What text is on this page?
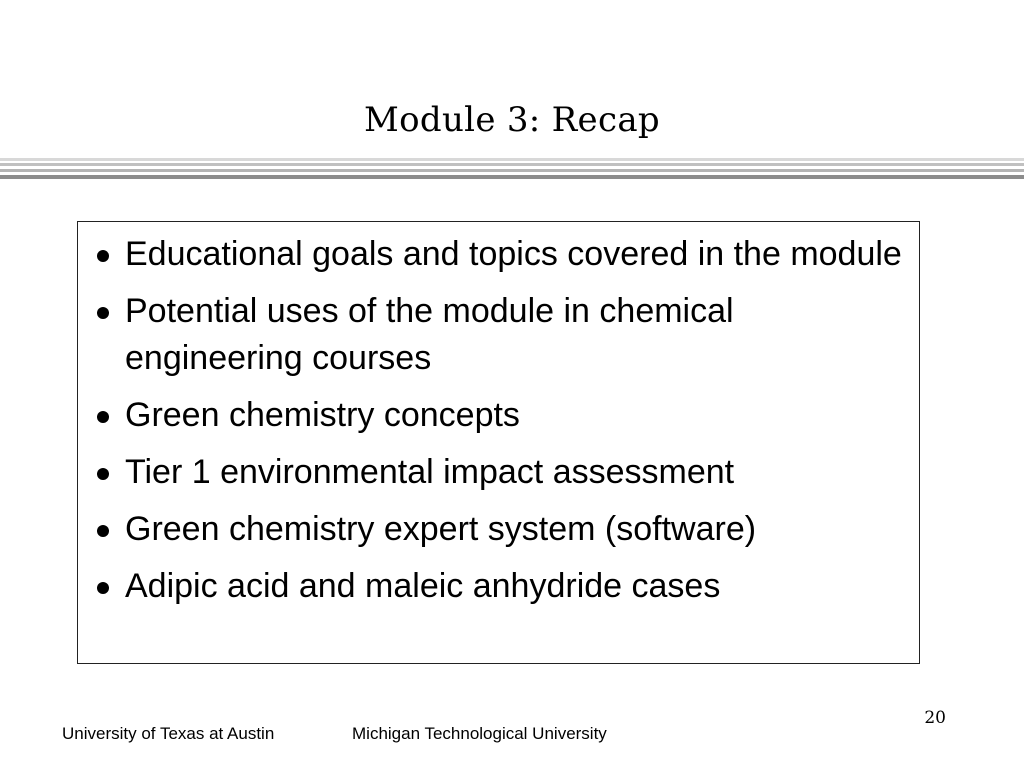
Module 3: Recap
Educational goals and topics covered in the module
Potential uses of the module in chemical engineering courses
Green chemistry concepts
Tier 1 environmental impact assessment
Green chemistry expert system (software)
Adipic acid and maleic anhydride cases
20
University of Texas at Austin	Michigan Technological University
